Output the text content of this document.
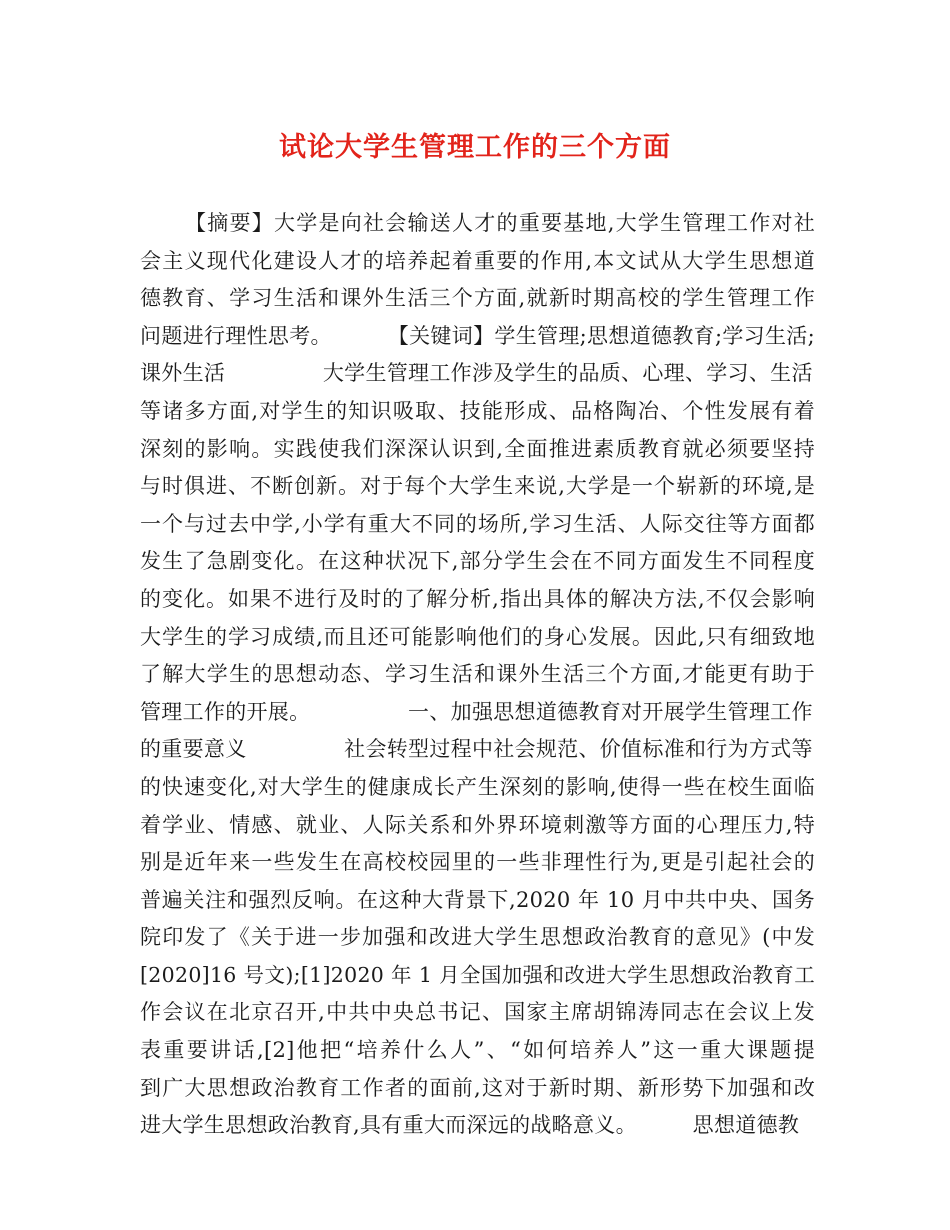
试论大学生管理工作的三个方面
【摘要】大学是向社会输送人才的重要基地,大学生管理工作对社
会主义现代化建设人才的培养起着重要的作用,本文试从大学生思想道
德教育、学习生活和课外生活三个方面,就新时期高校的学生管理工作
问题进行理性思考。        【关键词】学生管理;思想道德教育;学习生活;
课外生活              大学生管理工作涉及学生的品质、心理、学习、生活
等诸多方面,对学生的知识吸取、技能形成、品格陶冶、个性发展有着
深刻的影响。实践使我们深深认识到,全面推进素质教育就必须要坚持
与时俱进、不断创新。对于每个大学生来说,大学是一个崭新的环境,是
一个与过去中学,小学有重大不同的场所,学习生活、人际交往等方面都
发生了急剧变化。在这种状况下,部分学生会在不同方面发生不同程度
的变化。如果不进行及时的了解分析,指出具体的解决方法,不仅会影响
大学生的学习成绩,而且还可能影响他们的身心发展。因此,只有细致地
了解大学生的思想动态、学习生活和课外生活三个方面,才能更有助于
管理工作的开展。              一、加强思想道德教育对开展学生管理工作
的重要意义              社会转型过程中社会规范、价值标准和行为方式等
的快速变化,对大学生的健康成长产生深刻的影响,使得一些在校生面临
着学业、情感、就业、人际关系和外界环境刺激等方面的心理压力,特
别是近年来一些发生在高校校园里的一些非理性行为,更是引起社会的
普遍关注和强烈反响。在这种大背景下,2020 年 10 月中共中央、国务
院印发了《关于进一步加强和改进大学生思想政治教育的意见》(中发
[2020]16 号文);[1]2020 年 1 月全国加强和改进大学生思想政治教育工
作会议在北京召开,中共中央总书记、国家主席胡锦涛同志在会议上发
表重要讲话,[2]他把“培养什么人”、“如何培养人”这一重大课题提
到广大思想政治教育工作者的面前,这对于新时期、新形势下加强和改
进大学生思想政治教育,具有重大而深远的战略意义。        思想道德教
